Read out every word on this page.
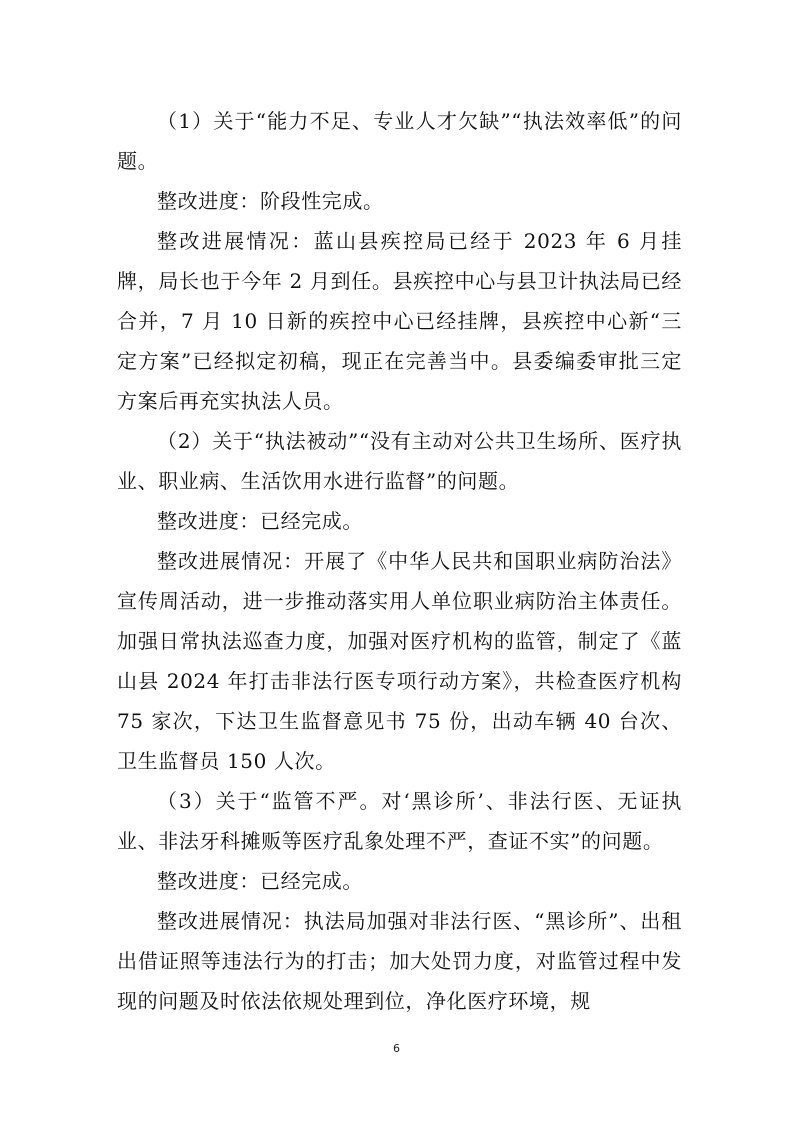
（1）关于“能力不足、专业人才欠缺”“执法效率低”的问题。

整改进度：阶段性完成。

整改进展情况：蓝山县疾控局已经于 2023 年 6 月挂牌，局长也于今年 2 月到任。县疾控中心与县卫计执法局已经合并，7 月 10 日新的疾控中心已经挂牌，县疾控中心新“三定方案”已经拟定初稿，现正在完善当中。县委编委审批三定方案后再充实执法人员。

（2）关于“执法被动”“没有主动对公共卫生场所、医疗执业、职业病、生活饮用水进行监督”的问题。

整改进度：已经完成。

整改进展情况：开展了《中华人民共和国职业病防治法》宣传周活动，进一步推动落实用人单位职业病防治主体责任。加强日常执法巡查力度，加强对医疗机构的监管，制定了《蓝山县 2024 年打击非法行医专项行动方案》，共检查医疗机构 75 家次，下达卫生监督意见书 75 份，出动车辆 40 台次、卫生监督员 150 人次。

（3）关于“监管不严。对‘黑诊所’、非法行医、无证执业、非法牙科摊贩等医疗乱象处理不严，查证不实”的问题。

整改进度：已经完成。

整改进展情况：执法局加强对非法行医、“黑诊所”、出租出借证照等违法行为的打击；加大处罚力度，对监管过程中发现的问题及时依法依规处理到位，净化医疗环境，规

6
